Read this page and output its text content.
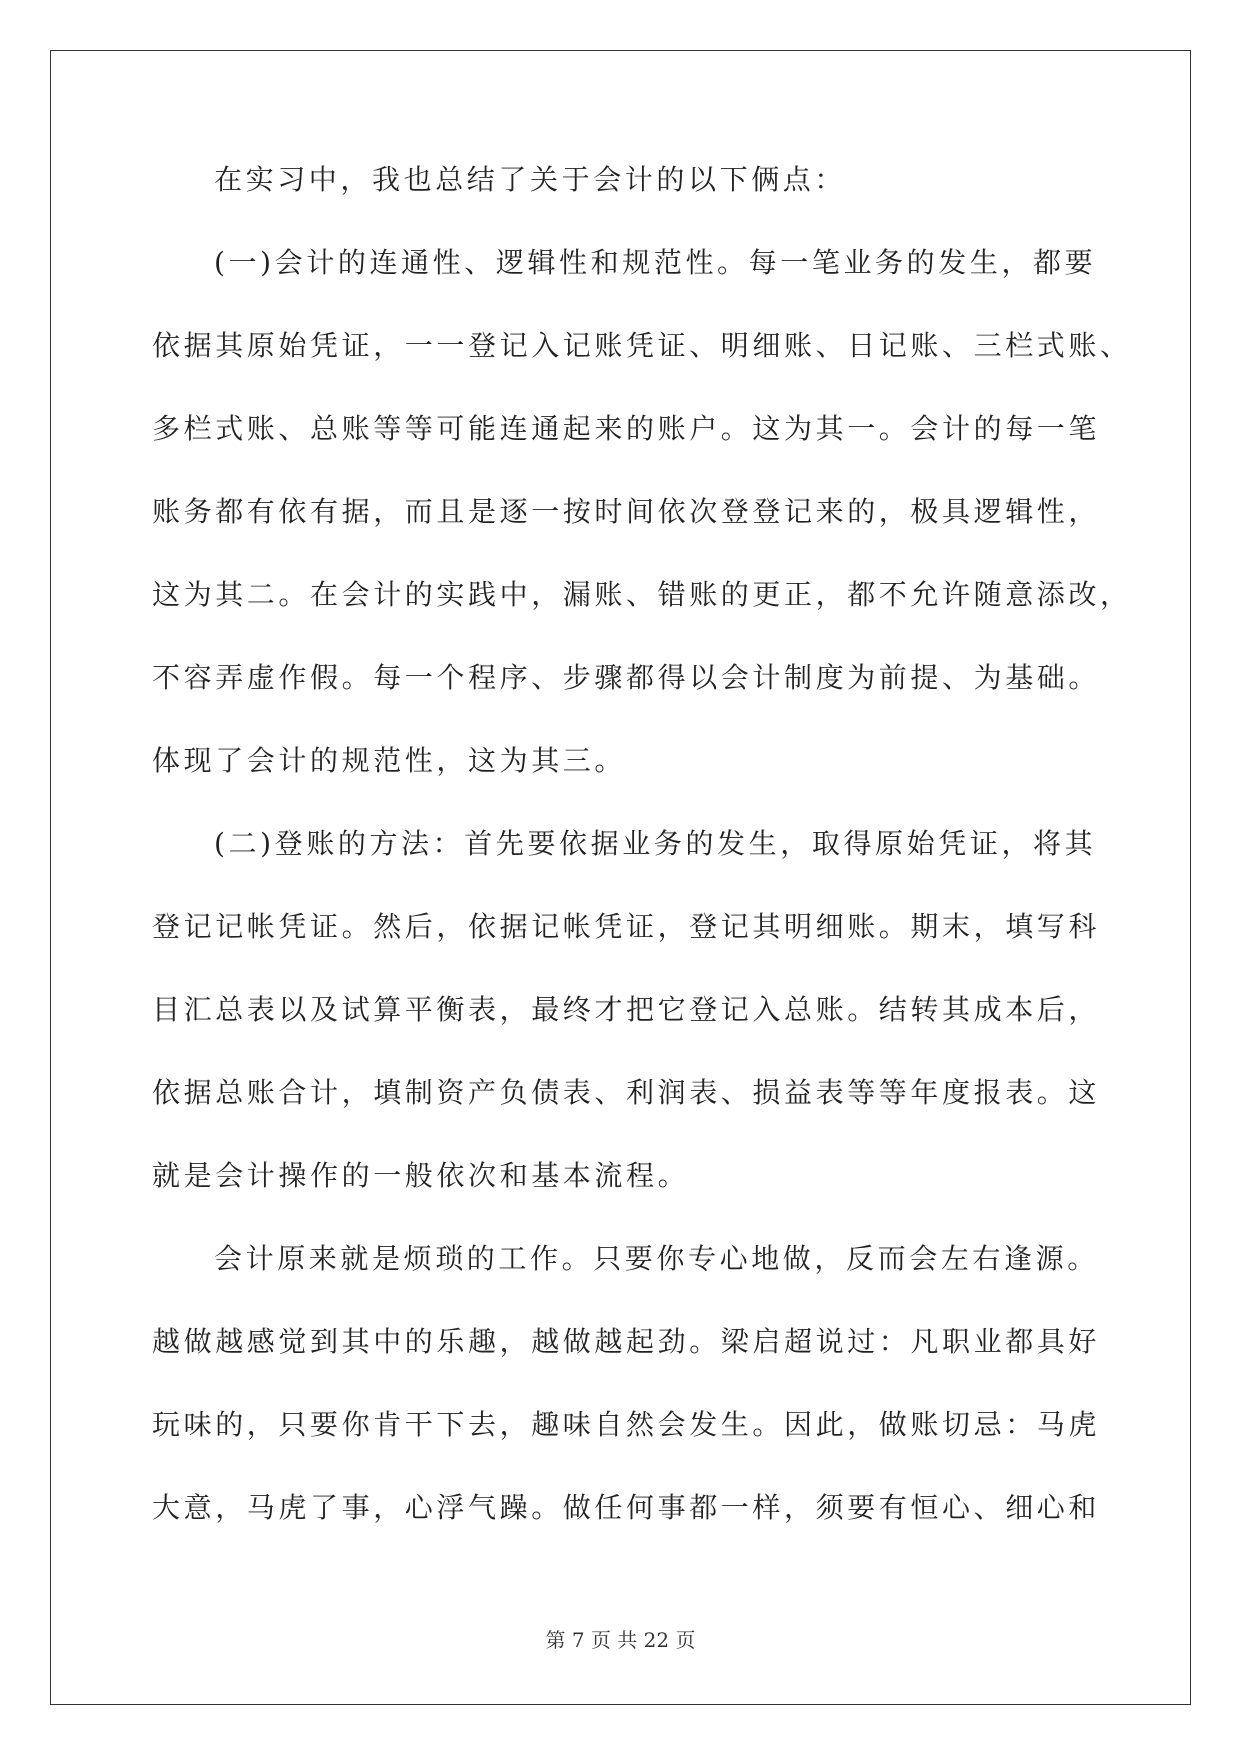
在实习中，我也总结了关于会计的以下俩点：
(一)会计的连通性、逻辑性和规范性。每一笔业务的发生，都要
依据其原始凭证，一一登记入记账凭证、明细账、日记账、三栏式账、
多栏式账、总账等等可能连通起来的账户。这为其一。会计的每一笔
账务都有依有据，而且是逐一按时间依次登登记来的，极具逻辑性，
这为其二。在会计的实践中，漏账、错账的更正，都不允许随意添改，
不容弄虚作假。每一个程序、步骤都得以会计制度为前提、为基础。
体现了会计的规范性，这为其三。
(二)登账的方法：首先要依据业务的发生，取得原始凭证，将其
登记记帐凭证。然后，依据记帐凭证，登记其明细账。期末，填写科
目汇总表以及试算平衡表，最终才把它登记入总账。结转其成本后，
依据总账合计，填制资产负债表、利润表、损益表等等年度报表。这
就是会计操作的一般依次和基本流程。
会计原来就是烦琐的工作。只要你专心地做，反而会左右逢源。
越做越感觉到其中的乐趣，越做越起劲。梁启超说过：凡职业都具好
玩味的，只要你肯干下去，趣味自然会发生。因此，做账切忌：马虎
大意，马虎了事，心浮气躁。做任何事都一样，须要有恒心、细心和
第 7 页 共 22 页
